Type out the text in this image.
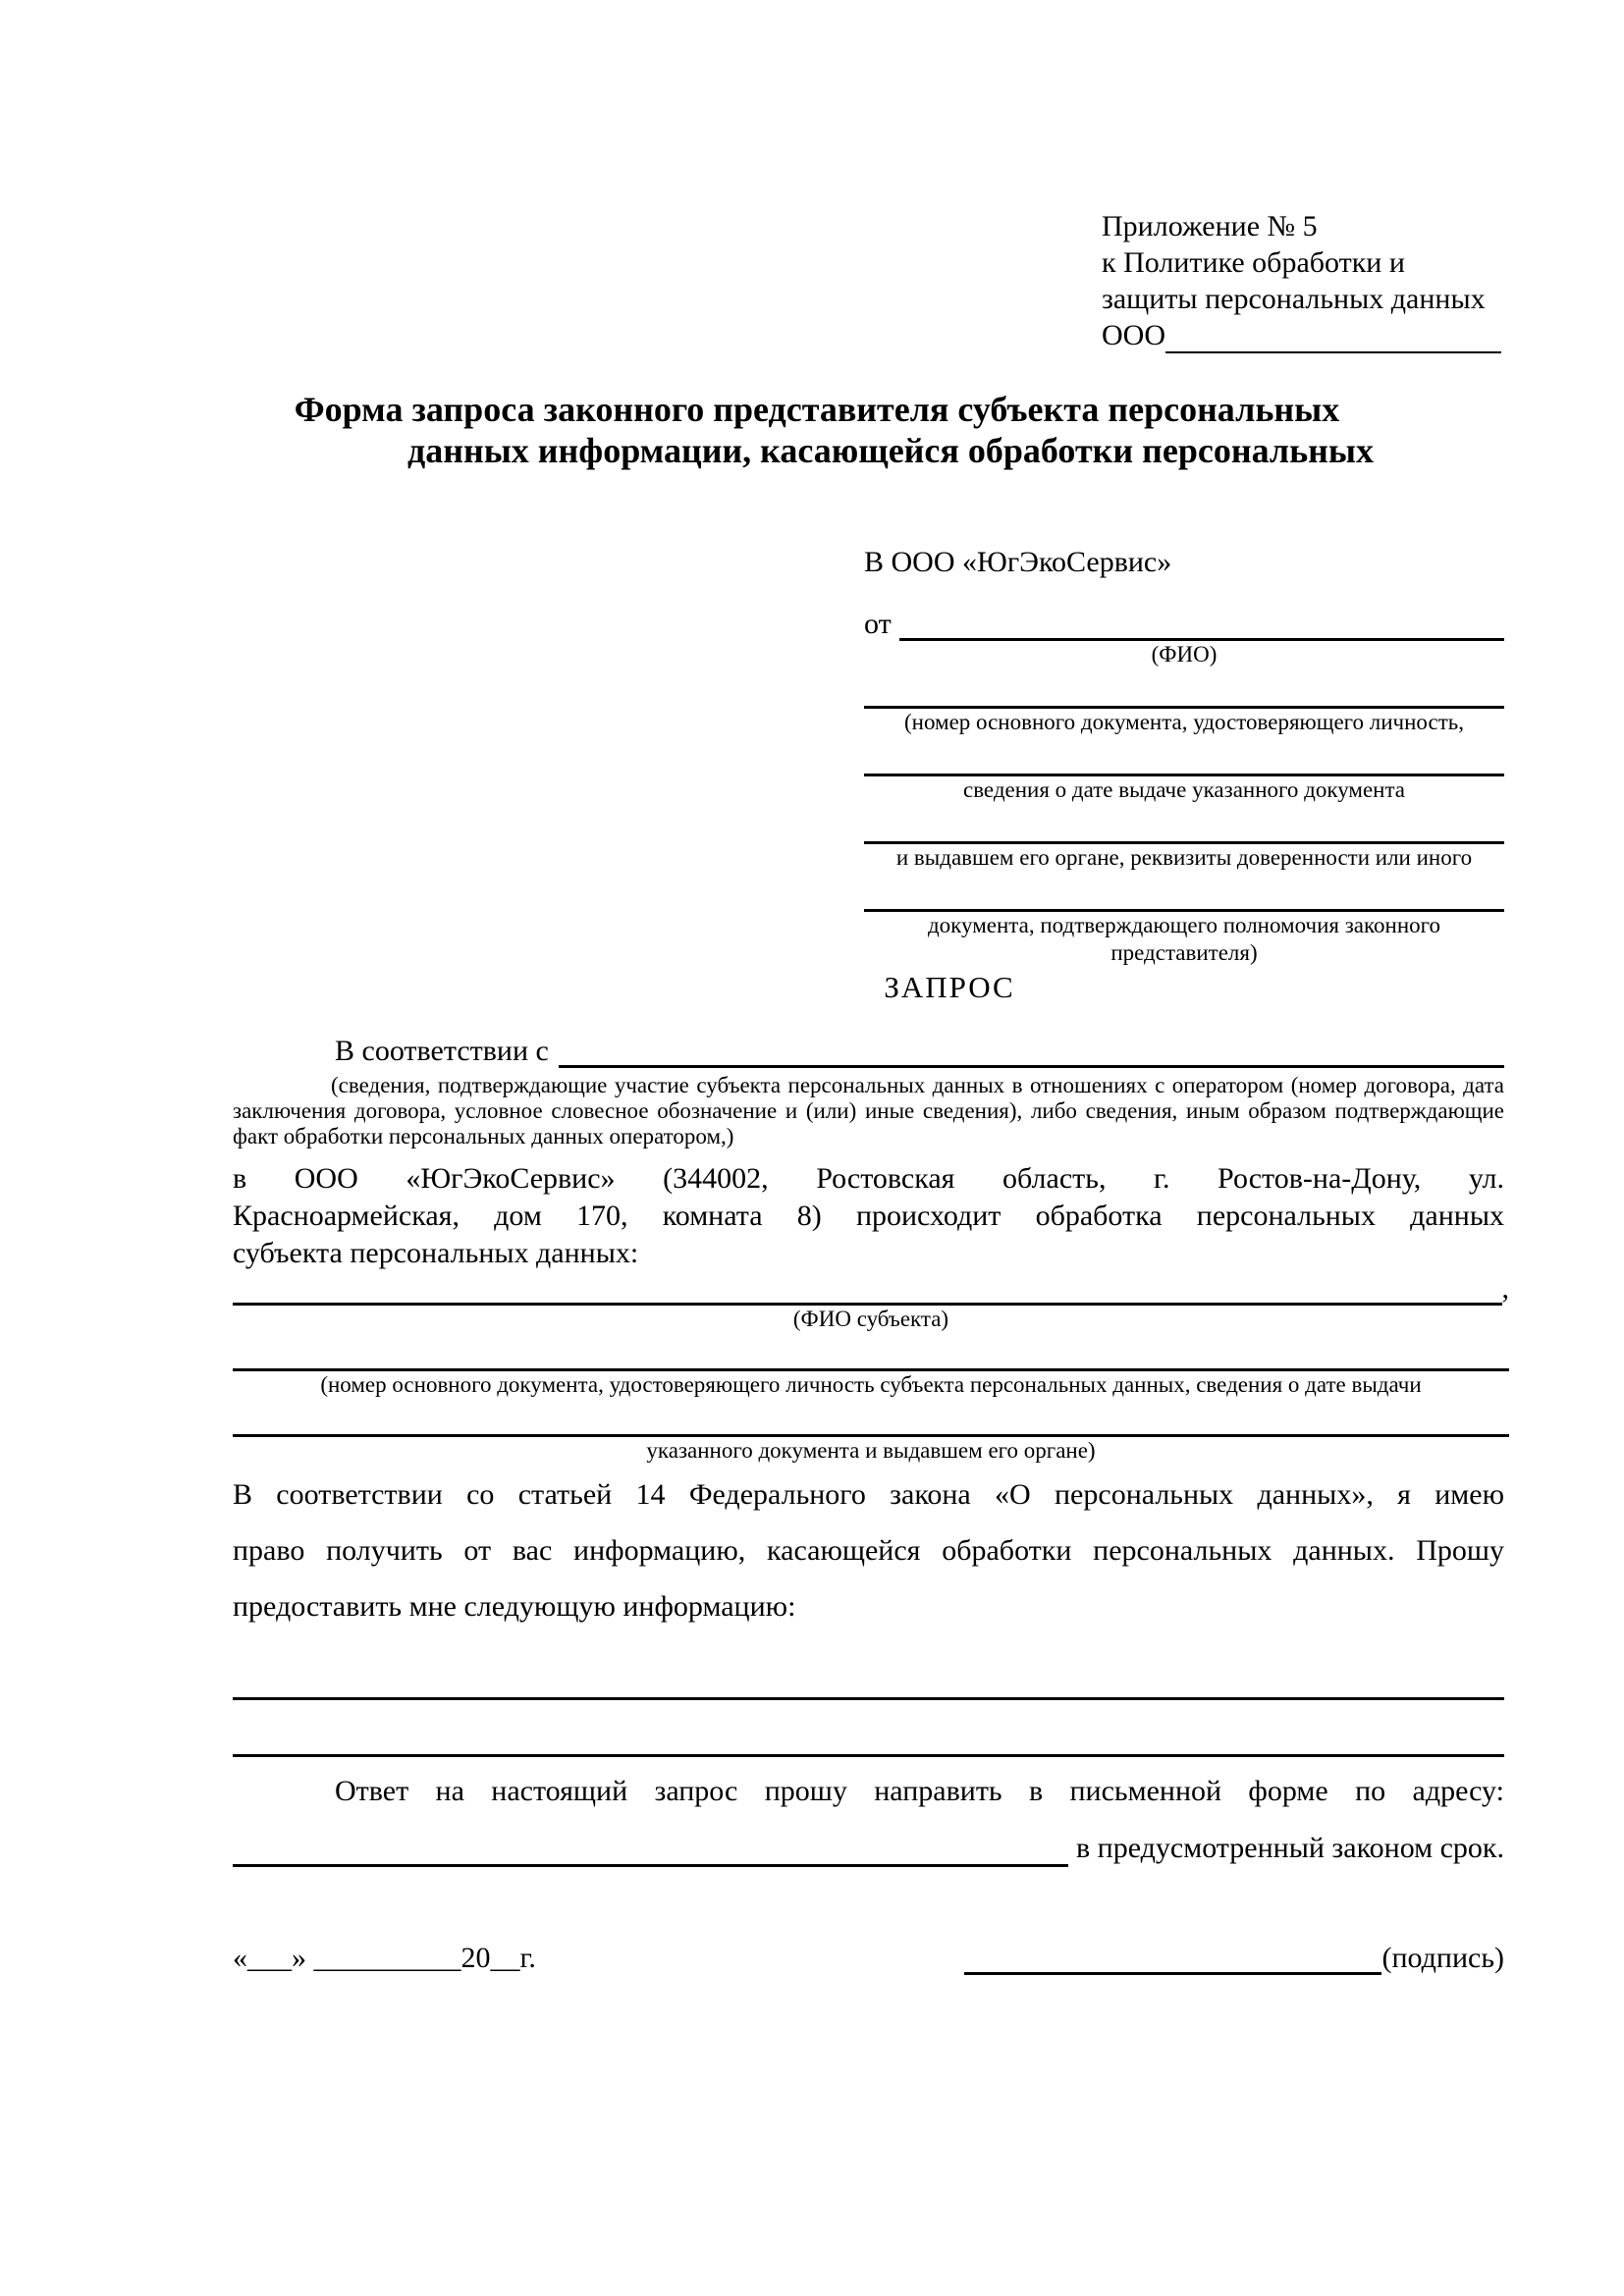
Приложение № 5
к Политике обработки и
защиты персональных данных
ООО
Форма запроса законного представителя субъекта персональных
данных информации, касающейся обработки персональных
В ООО «ЮгЭкоСервис»
от
(ФИО)
(номер основного документа, удостоверяющего личность,
сведения о дате выдаче указанного документа
и выдавшем его органе, реквизиты доверенности или иного
документа, подтверждающего полномочия законного представителя)
ЗАПРОС
В соответствии с
(сведения, подтверждающие участие субъекта персональных данных в отношениях с оператором (номер договора, дата заключения договора, условное словесное обозначение и (или) иные сведения), либо сведения, иным образом подтверждающие факт обработки персональных данных оператором,)
в ООО «ЮгЭкоСервис» (344002, Ростовская область, г. Ростов-на-Дону, ул.
Красноармейская, дом 170, комната 8) происходит обработка персональных данных
субъекта персональных данных:
,
(ФИО субъекта)
(номер основного документа, удостоверяющего личность субъекта персональных данных, сведения о дате выдачи
указанного документа и выдавшем его органе)
В соответствии со статьей 14 Федерального закона «О персональных данных», я имею
право получить от вас информацию, касающейся обработки персональных данных. Прошу
предоставить мне следующую информацию:
Ответ на настоящий запрос прошу направить в письменной форме по адресу:
в предусмотренный законом срок.
«___» __________20__г.	(подпись)
